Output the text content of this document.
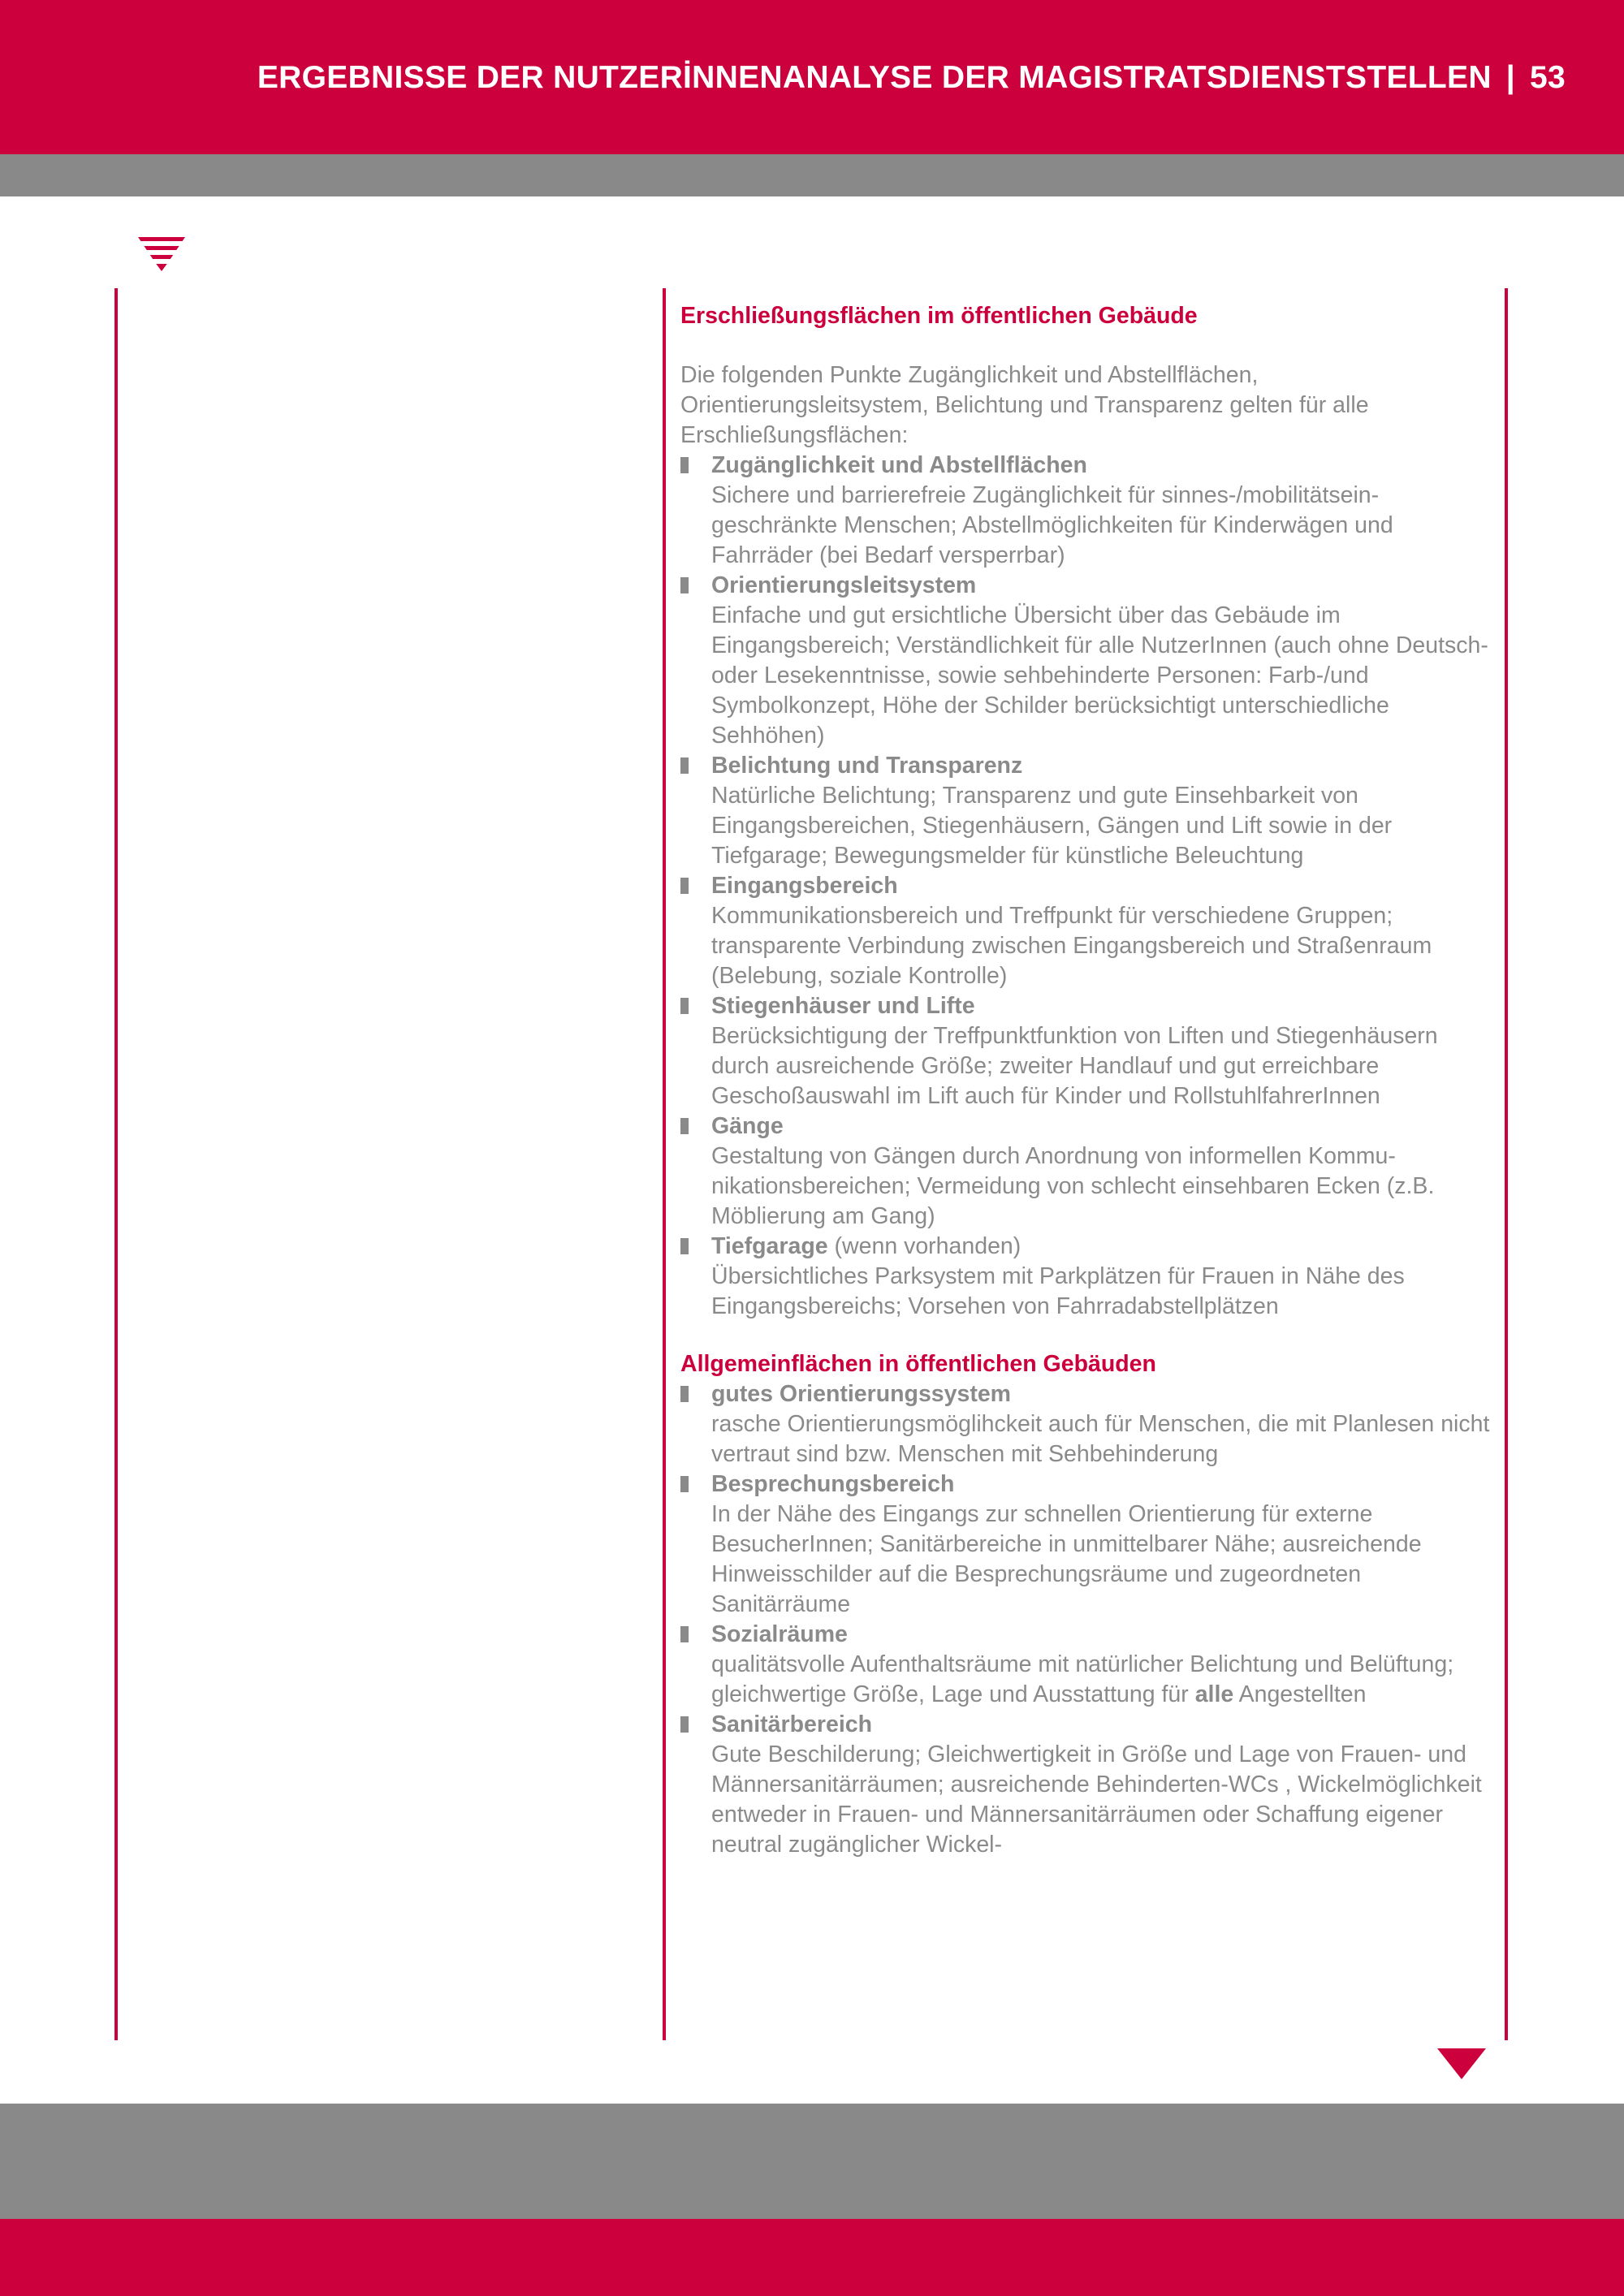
ERGEBNISSE DER NUTZERİNNENANALYSE DER MAGISTRATSDIENSTSTELLEN | 53
Erschließungsflächen im öffentlichen Gebäude

Die folgenden Punkte Zugänglichkeit und Abstellflächen, Orientierungsleitsystem, Belichtung und Transparenz gelten für alle Erschließungsflächen:

Zugänglichkeit und Abstellflächen
Sichere und barrierefreie Zugänglichkeit für sinnes-/mobilitätseingeschränkte Menschen; Abstellmöglichkeiten für Kinderwägen und Fahrräder (bei Bedarf versperrbar)
Orientierungsleitsystem
Einfache und gut ersichtliche Übersicht über das Gebäude im Eingangsbereich; Verständlichkeit für alle NutzerInnen (auch ohne Deutsch- oder Lesekenntnisse, sowie sehbehinderte Personen: Farb-/und Symbolkonzept, Höhe der Schilder berücksichtigt unterschiedliche Sehhöhen)
Belichtung und Transparenz
Natürliche Belichtung; Transparenz und gute Einsehbarkeit von Eingangsbereichen, Stiegenhäusern, Gängen und Lift sowie in der Tiefgarage; Bewegungsmelder für künstliche Beleuchtung
Eingangsbereich
Kommunikationsbereich und Treffpunkt für verschiedene Gruppen; transparente Verbindung zwischen Eingangsbereich und Straßenraum (Belebung, soziale Kontrolle)
Stiegenhäuser und Lifte
Berücksichtigung der Treffpunktfunktion von Liften und Stiegenhäusern durch ausreichende Größe; zweiter Handlauf und gut erreichbare Geschoßauswahl im Lift auch für Kinder und RollstuhlfahrerInnen
Gänge
Gestaltung von Gängen durch Anordnung von informellen Kommunikationsbereichen; Vermeidung von schlecht einsehbaren Ecken (z.B. Möblierung am Gang)
Tiefgarage (wenn vorhanden)
Übersichtliches Parksystem mit Parkplätzen für Frauen in Nähe des Eingangsbereichs; Vorsehen von Fahrradabstellplätzen
Allgemeinflächen in öffentlichen Gebäuden
gutes Orientierungssystem
rasche Orientierungsmöglihckeit auch für Menschen, die mit Planlesen nicht vertraut sind bzw. Menschen mit Sehbehinderung
Besprechungsbereich
In der Nähe des Eingangs zur schnellen Orientierung für externe BesucherInnen; Sanitärbereiche in unmittelbarer Nähe; ausreichende Hinweisschilder auf die Besprechungsräume und zugeordneten Sanitärräume
Sozialräume
qualitätsvolle Aufenthaltsräume mit natürlicher Belichtung und Belüftung; gleichwertige Größe, Lage und Ausstattung für alle Angestellten
Sanitärbereich
Gute Beschilderung; Gleichwertigkeit in Größe und Lage von Frauen- und Männersanitärräumen; ausreichende Behinderten-WCs , Wickelmöglichkeit entweder in Frauen- und Männersanitärräumen oder Schaffung eigener neutral zugänglicher Wickel-
